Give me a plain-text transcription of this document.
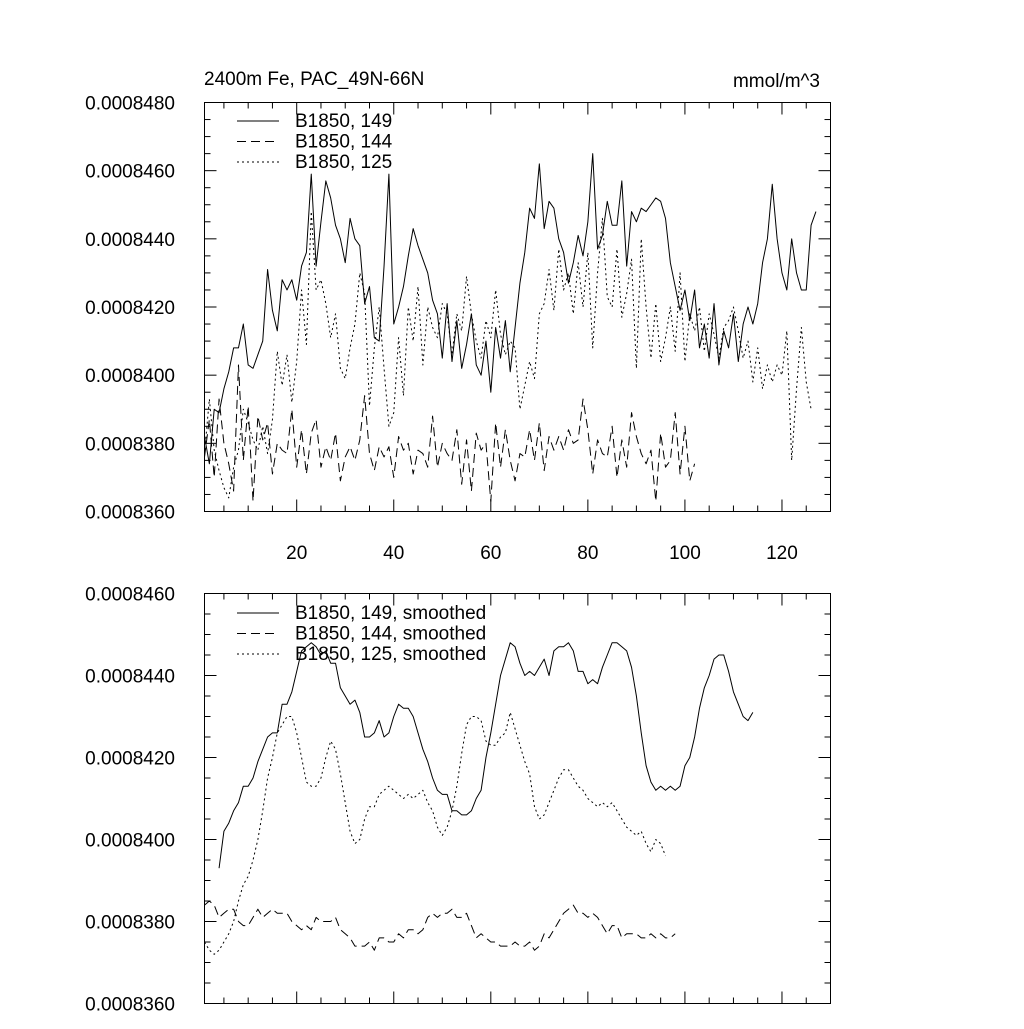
2400m Fe, PAC_49N-66N	mmol/m^3
0.0008360
0.0008380
0.0008400
0.0008420
0.0008440
0.0008460
0.0008480
20	40	60	80	100	120
B1850, 149
B1850, 144
B1850, 125
0.0008360
0.0008380
0.0008400
0.0008420
0.0008440
0.0008460
B1850, 149, smoothed
B1850, 144, smoothed
B1850, 125, smoothed
